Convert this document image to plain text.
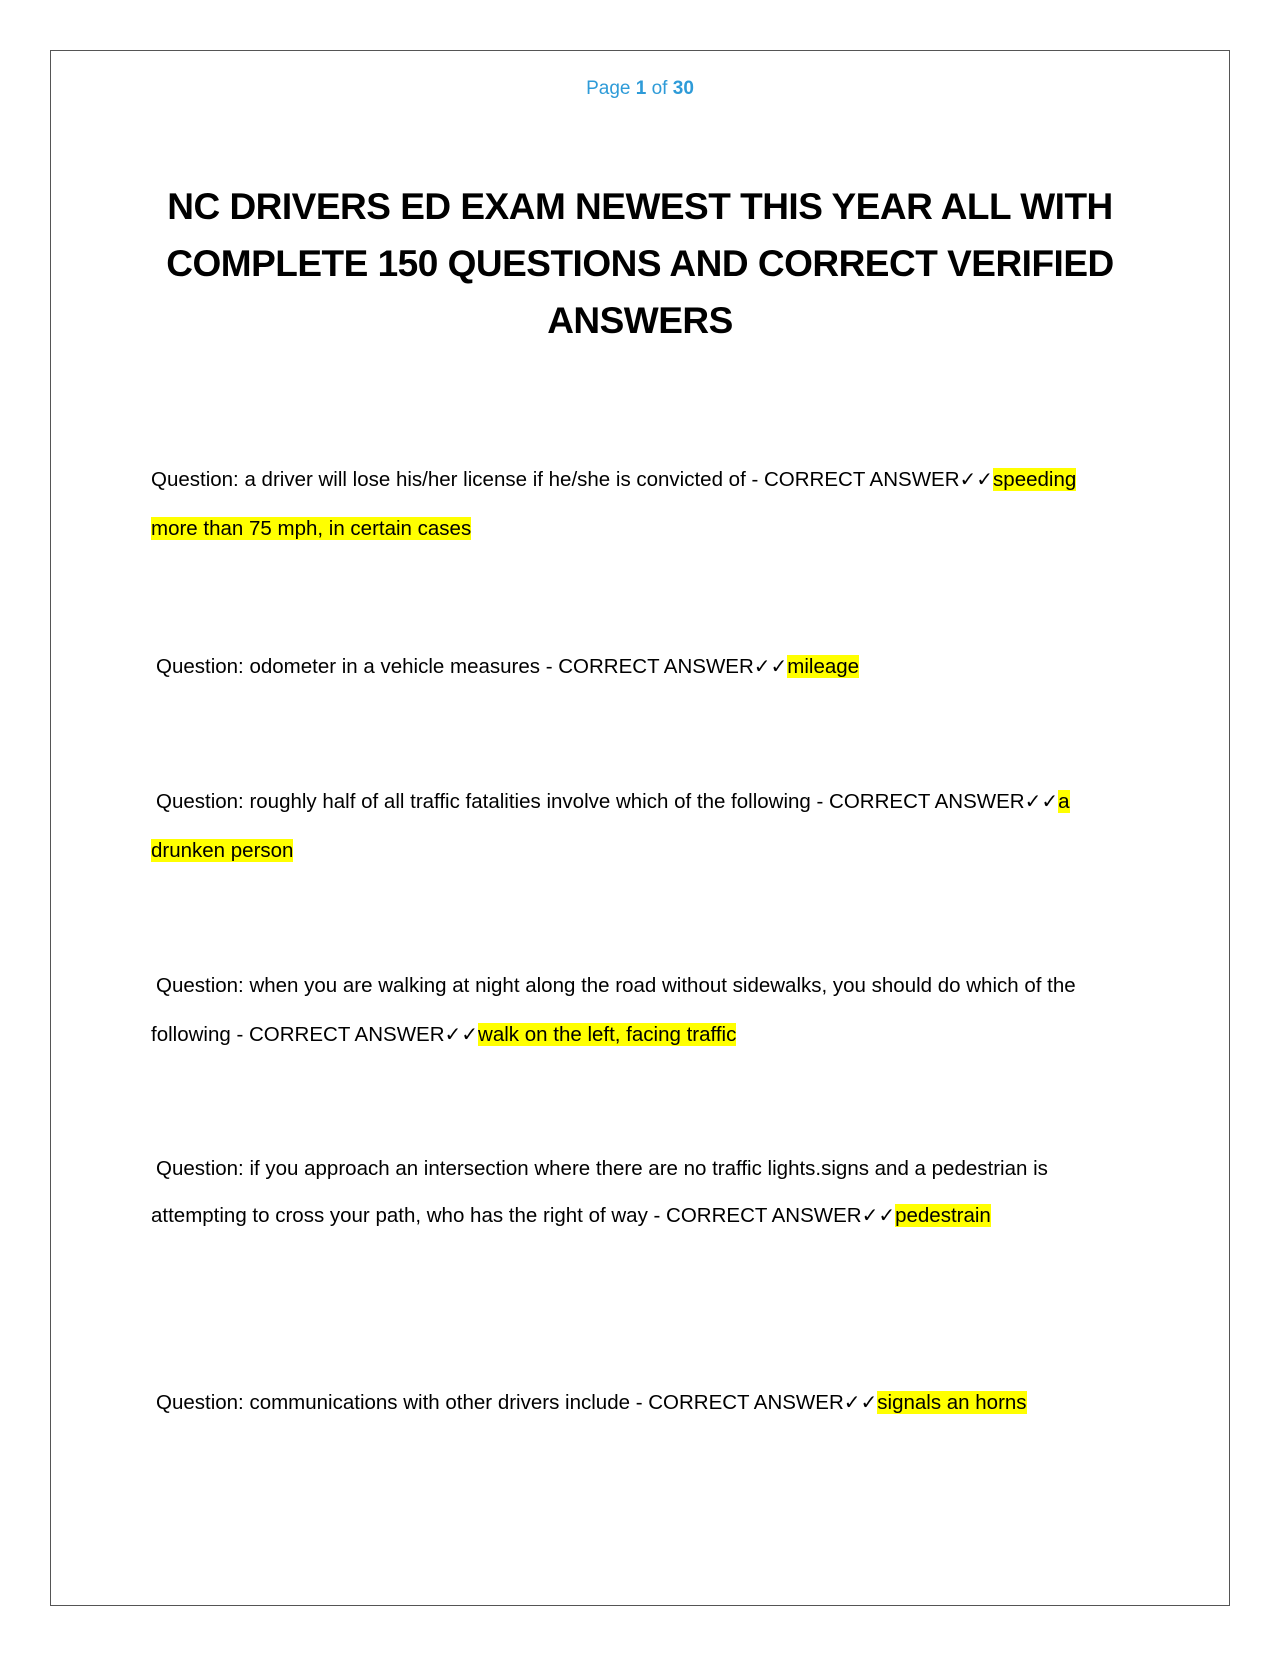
Page 1 of 30
NC DRIVERS ED EXAM NEWEST THIS YEAR ALL WITH COMPLETE 150 QUESTIONS AND CORRECT VERIFIED ANSWERS

Question: a driver will lose his/her license if he/she is convicted of - CORRECT ANSWER✓✓speeding more than 75 mph, in certain cases

Question: odometer in a vehicle measures - CORRECT ANSWER✓✓mileage

Question: roughly half of all traffic fatalities involve which of the following - CORRECT ANSWER✓✓a drunken person

Question: when you are walking at night along the road without sidewalks, you should do which of the following - CORRECT ANSWER✓✓walk on the left, facing traffic

Question: if you approach an intersection where there are no traffic lights.signs and a pedestrian is attempting to cross your path, who has the right of way - CORRECT ANSWER✓✓pedestrain

Question: communications with other drivers include - CORRECT ANSWER✓✓signals an horns
